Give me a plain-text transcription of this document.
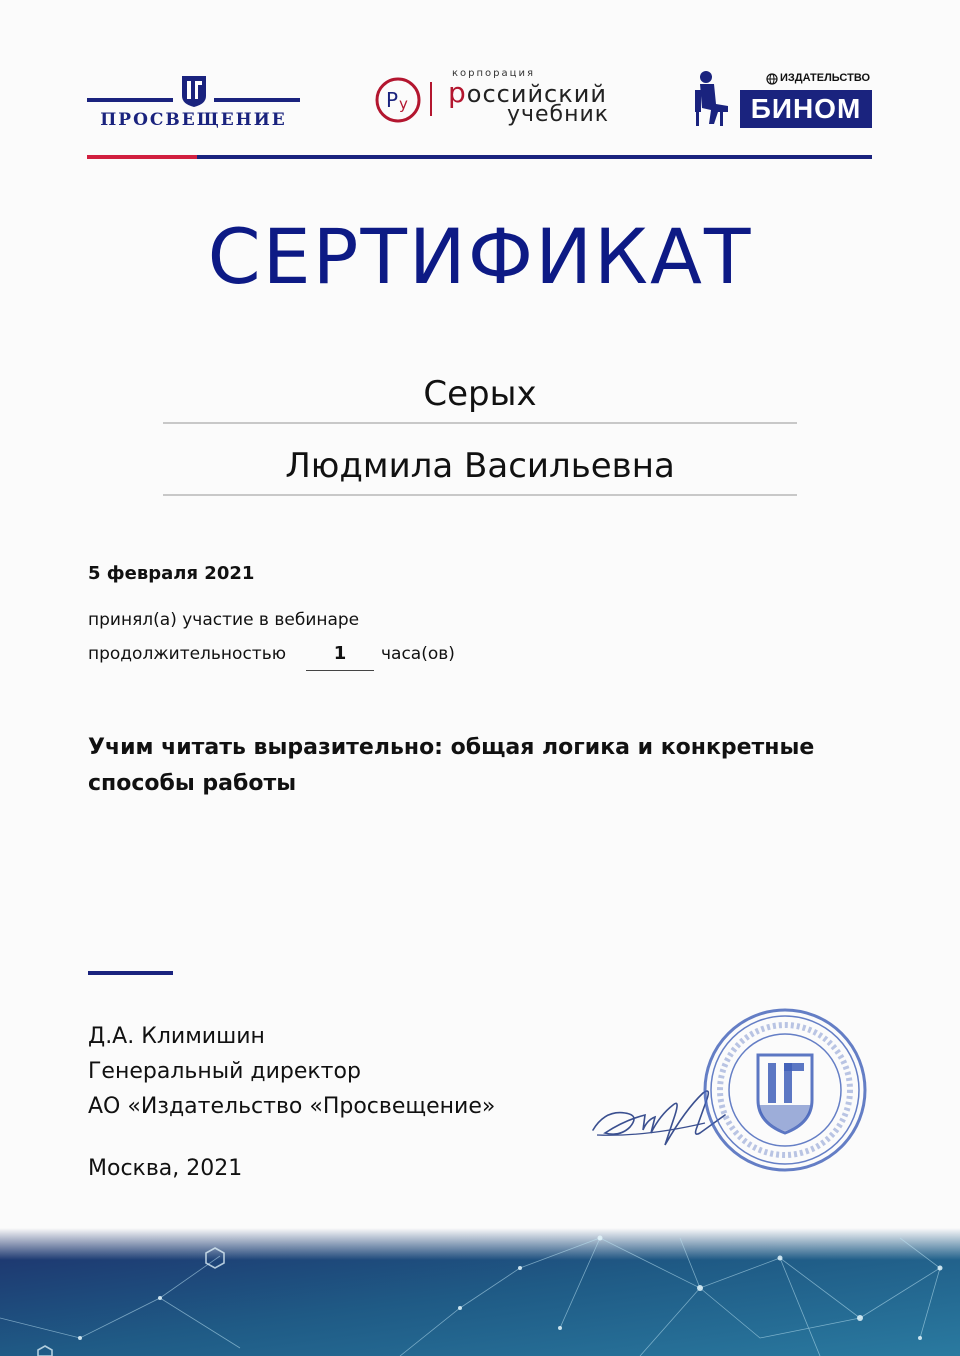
ПРОСВЕЩЕНИЕ
Р у
корпорация
российский
учебник
ИЗДАТЕЛЬСТВО
БИНОМ
СЕРТИФИКАТ
Серых
Людмила Васильевна
5 февраля 2021
принял(а) участие в вебинаре
продолжительностью	1	часа(ов)
Учим читать выразительно: общая логика и конкретные способы работы
Д.А. Климишин
Генеральный директор
АО «Издательство «Просвещение»
Москва, 2021
